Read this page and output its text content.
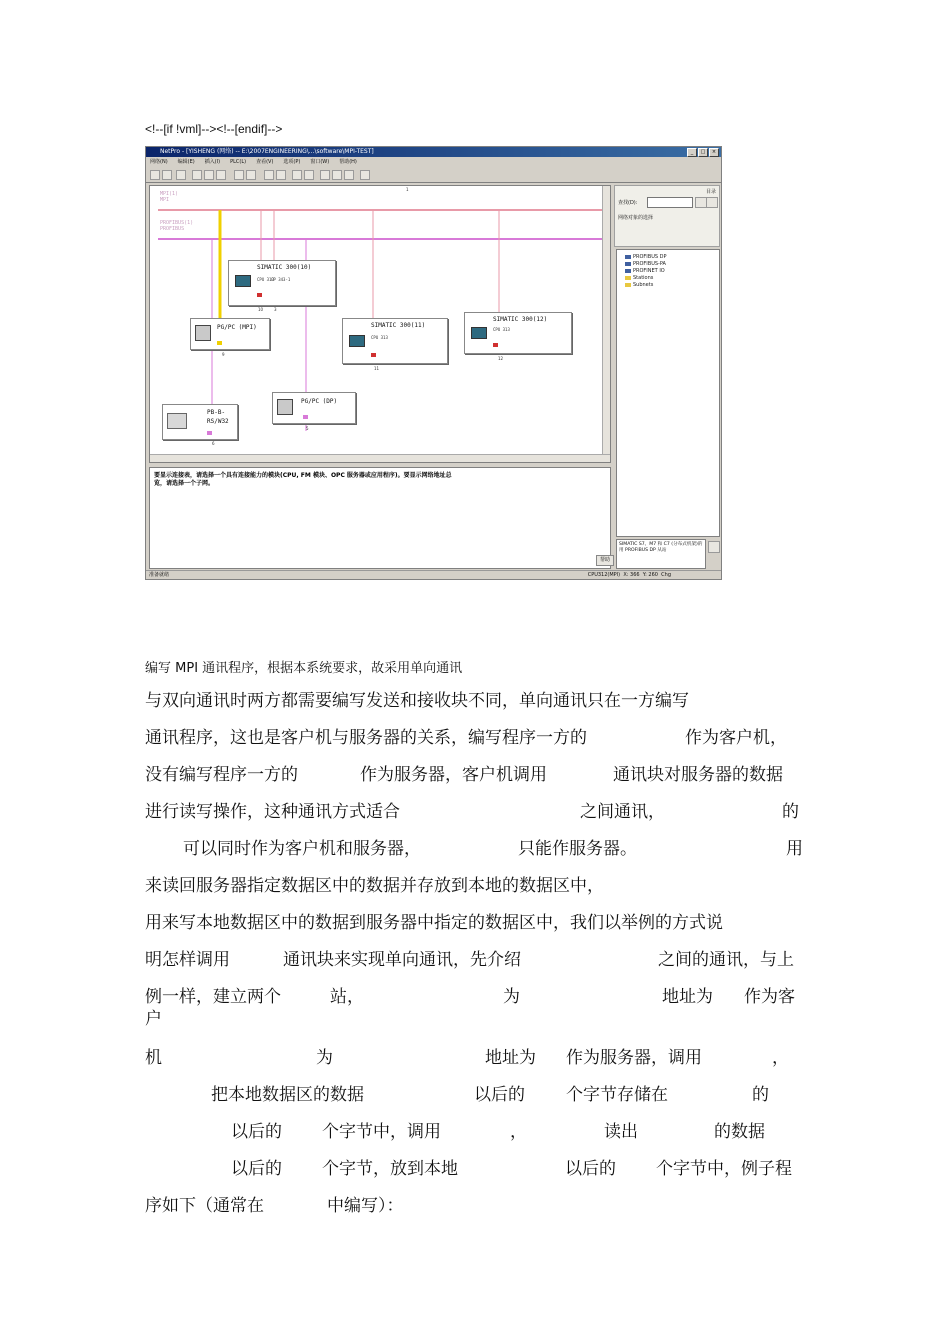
<!--[if !vml]--><!--[endif]-->
NetPro - [YISHENG (网络) -- E:\2007ENGINEERING\...\software\MPI-TEST]	_	□	×
网络(N) 编辑(E) 插入(I) PLC(L) 查看(V) 选项(P) 窗口(W) 帮助(H)
1
MPI(1)
MPI
PROFIBUS(1)
PROFIBUS
SIMATIC 300(10)
CPU 313
CP 343-1
10	3
PG/PC (MPI)
9
SIMATIC 300(11)
CPU 313
11
SIMATIC 300(12)
CPU 313
12
PG/PC (DP)
5
PB-B-RS/W32
6
要显示连接表，请选择一个具有连接能力的模块(CPU, FM 模块、OPC 服务器或应用程序)。要显示网络地址总览，请选择一个子网。
目录
查找(D):
网络对象的选择
PROFIBUS DP
PROFIBUS-PA
PROFINET IO
Stations
Subnets
SIMATIC S7、M7 和 C7 (分布式机架)的用 PROFIBUS DP 从站
帮助
准备就绪	CPU312(MPI) X: 366 Y: 260 Chg
编写 MPI 通讯程序，根据本系统要求，故采用单向通讯
与双向通讯时两方都需要编写发送和接收块不同，单向通讯只在一方编写
通讯程序，这也是客户机与服务器的关系，编写程序一方的	作为客户机，
没有编写程序一方的	作为服务器，客户机调用	通讯块对服务器的数据
进行读写操作，这种通讯方式适合	之间通讯，	的
可以同时作为客户机和服务器，	只能作服务器。	用
来读回服务器指定数据区中的数据并存放到本地的数据区中，
用来写本地数据区中的数据到服务器中指定的数据区中，我们以举例的方式说
明怎样调用	通讯块来实现单向通讯，先介绍	之间的通讯，与上
例一样，建立两个	站，	为	地址为 作为客
户
机	为	地址为 作为服务器，调用	，
把本地数据区的数据	以后的 个字节存储在	的
以后的 个字节中，调用	，	读出	的数据
以后的 个字节，放到本地	以后的 个字节中，例子程
序如下（通常在	中编写）：
